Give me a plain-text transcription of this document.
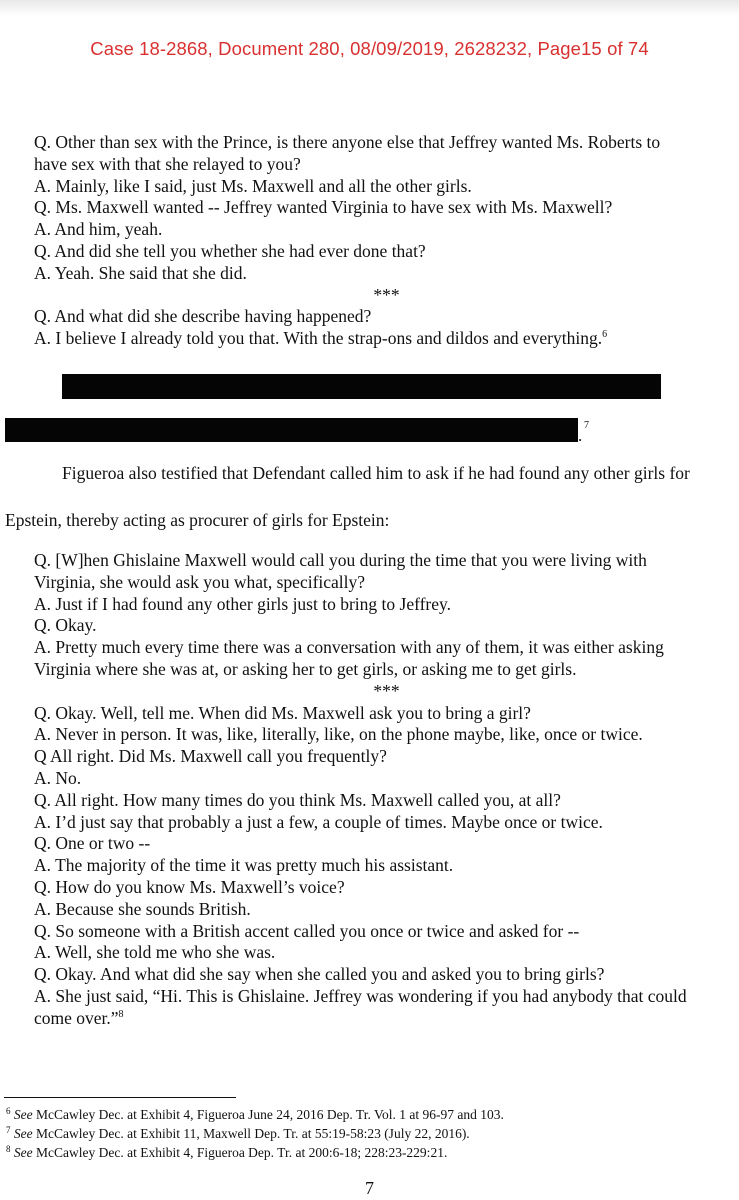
Case 18-2868, Document 280, 08/09/2019, 2628232, Page15 of 74
Q. Other than sex with the Prince, is there anyone else that Jeffrey wanted Ms. Roberts to
have sex with that she relayed to you?
A. Mainly, like I said, just Ms. Maxwell and all the other girls.
Q. Ms. Maxwell wanted -- Jeffrey wanted Virginia to have sex with Ms. Maxwell?
A. And him, yeah.
Q. And did she tell you whether she had ever done that?
A. Yeah. She said that she did.
***
Q. And what did she describe having happened?
A. I believe I already told you that. With the strap-ons and dildos and everything.$^6$
.
7
Figueroa also testified that Defendant called him to ask if he had found any other girls for
Epstein, thereby acting as procurer of girls for Epstein:
Q. [W]hen Ghislaine Maxwell would call you during the time that you were living with
Virginia, she would ask you what, specifically?
A. Just if I had found any other girls just to bring to Jeffrey.
Q. Okay.
A. Pretty much every time there was a conversation with any of them, it was either asking
Virginia where she was at, or asking her to get girls, or asking me to get girls.
***
Q. Okay. Well, tell me. When did Ms. Maxwell ask you to bring a girl?
A. Never in person. It was, like, literally, like, on the phone maybe, like, once or twice.
Q All right. Did Ms. Maxwell call you frequently?
A. No.
Q. All right. How many times do you think Ms. Maxwell called you, at all?
A. I’d just say that probably a just a few, a couple of times. Maybe once or twice.
Q. One or two --
A. The majority of the time it was pretty much his assistant.
Q. How do you know Ms. Maxwell’s voice?
A. Because she sounds British.
Q. So someone with a British accent called you once or twice and asked for --
A. Well, she told me who she was.
Q. Okay. And what did she say when she called you and asked you to bring girls?
A. She just said, “Hi. This is Ghislaine. Jeffrey was wondering if you had anybody that could
come over.”$^8$
$^6$ See McCawley Dec. at Exhibit 4, Figueroa June 24, 2016 Dep. Tr. Vol. 1 at 96-97 and 103.
$^7$ See McCawley Dec. at Exhibit 11, Maxwell Dep. Tr. at 55:19-58:23 (July 22, 2016).
$^8$ See McCawley Dec. at Exhibit 4, Figueroa Dep. Tr. at 200:6-18; 228:23-229:21.
7
